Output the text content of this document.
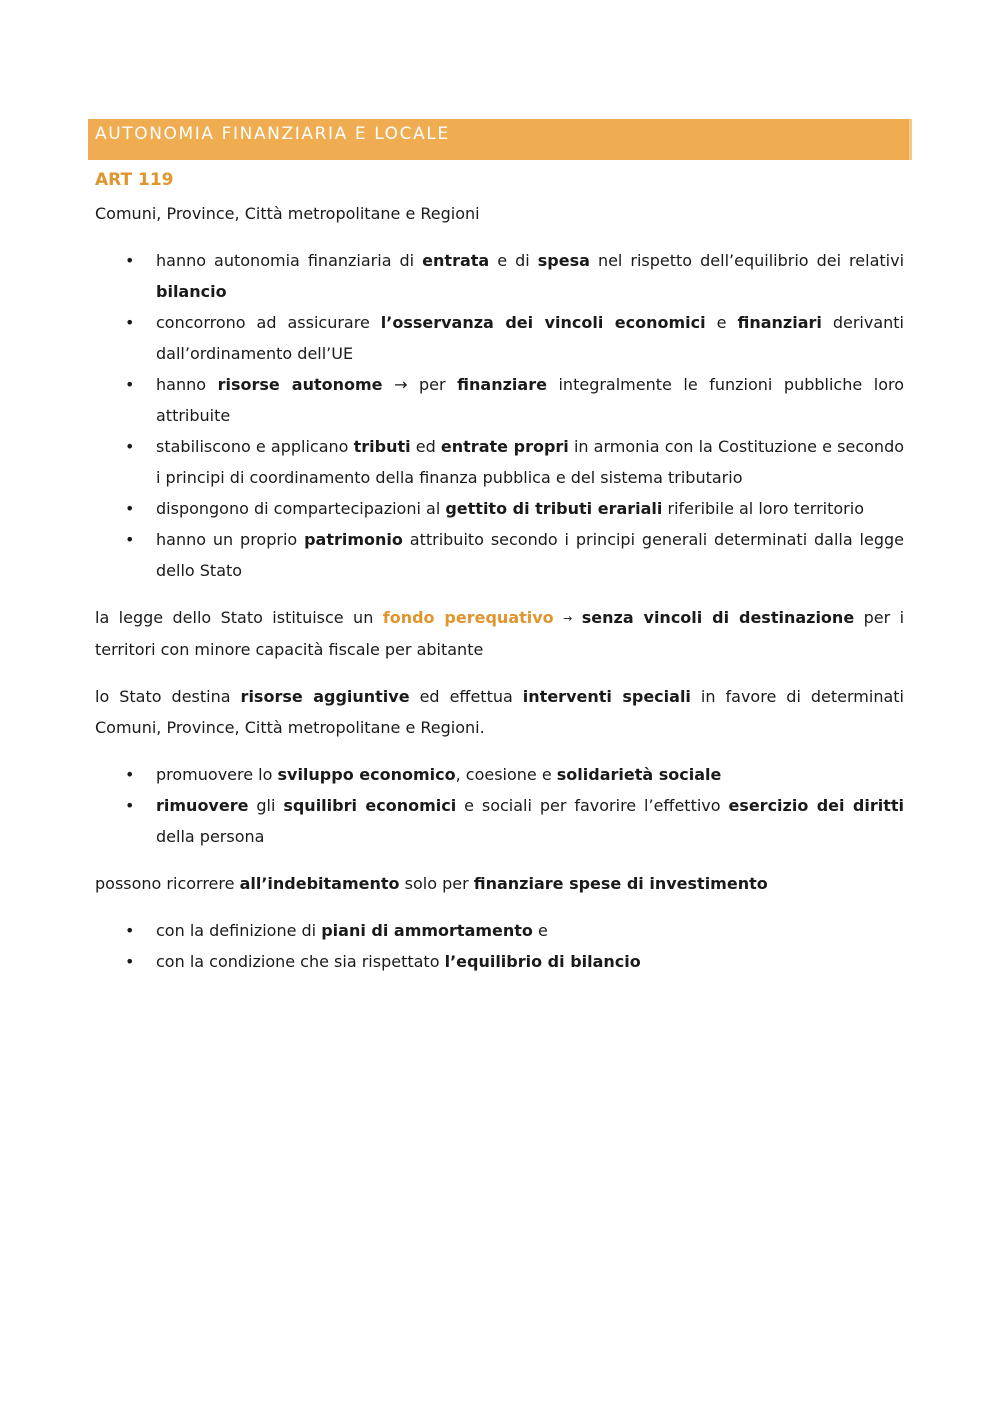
AUTONOMIA FINANZIARIA E LOCALE
ART 119

Comuni, Province, Città metropolitane e Regioni

• hanno autonomia finanziaria di entrata e di spesa nel rispetto dell’equilibrio dei relativi bilancio
• concorrono ad assicurare l’osservanza dei vincoli economici e finanziari derivanti dall’ordinamento dell’UE
• hanno risorse autonome → per finanziare integralmente le funzioni pubbliche loro attribuite
• stabiliscono e applicano tributi ed entrate propri in armonia con la Costituzione e secondo i principi di coordinamento della finanza pubblica e del sistema tributario
• dispongono di compartecipazioni al gettito di tributi erariali riferibile al loro territorio
• hanno un proprio patrimonio attribuito secondo i principi generali determinati dalla legge dello Stato

la legge dello Stato istituisce un fondo perequativo → senza vincoli di destinazione per i territori con minore capacità fiscale per abitante

lo Stato destina risorse aggiuntive ed effettua interventi speciali in favore di determinati Comuni, Province, Città metropolitane e Regioni.

• promuovere lo sviluppo economico, coesione e solidarietà sociale
• rimuovere gli squilibri economici e sociali per favorire l’effettivo esercizio dei diritti della persona

possono ricorrere all’indebitamento solo per finanziare spese di investimento

• con la definizione di piani di ammortamento e
• con la condizione che sia rispettato l’equilibrio di bilancio
